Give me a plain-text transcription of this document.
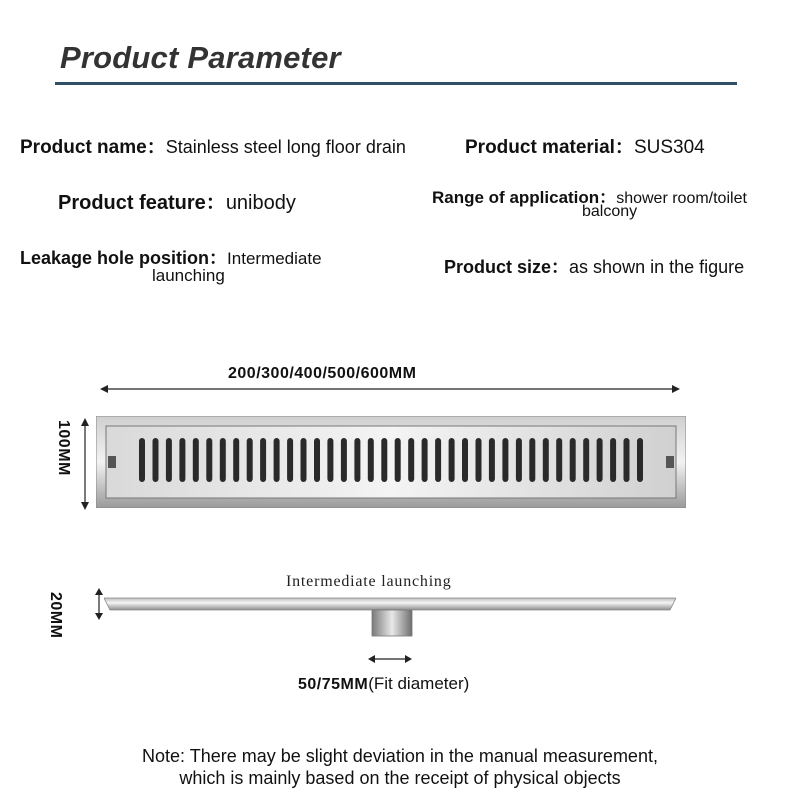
Product Parameter
Product name：Stainless steel long floor drain	Product material：SUS304
Product feature：unibody	Range of application：shower room/toilet
balcony
Leakage hole position：Intermediate
launching	Product size：as shown in the figure
200/300/400/500/600MM
100MM
Intermediate launching
20MM
50/75MM(Fit diameter)
Note: There may be slight deviation in the manual measurement,
which is mainly based on the receipt of physical objects
